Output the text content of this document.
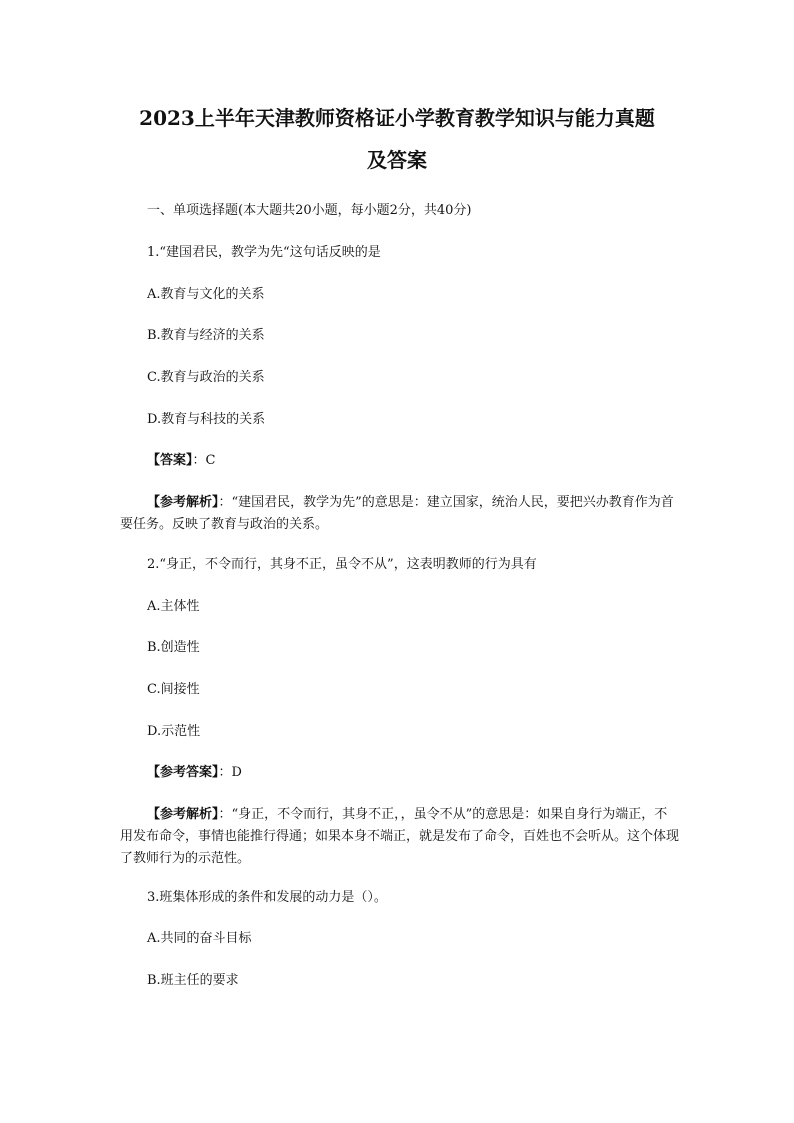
2023上半年天津教师资格证小学教育教学知识与能力真题
及答案
一、单项选择题(本大题共20小题，每小题2分，共40分)
1.“建国君民，教学为先“这句话反映的是
A.教育与文化的关系
B.教育与经济的关系
C.教育与政治的关系
D.教育与科技的关系
【答案】：C
【参考解析】：“建国君民，教学为先”的意思是：建立国家，统治人民，要把兴办教育作为首要任务。反映了教育与政治的关系。
2.“身正，不令而行，其身不正，虽令不从”，这表明教师的行为具有
A.主体性
B.创造性
C.间接性
D.示范性
【参考答案】：D
【参考解析】：“身正，不令而行，其身不正，，虽令不从”的意思是：如果自身行为端正，不用发布命令，事情也能推行得通；如果本身不端正，就是发布了命令，百姓也不会听从。这个体现了教师行为的示范性。
3.班集体形成的条件和发展的动力是（）。
A.共同的奋斗目标
B.班主任的要求
